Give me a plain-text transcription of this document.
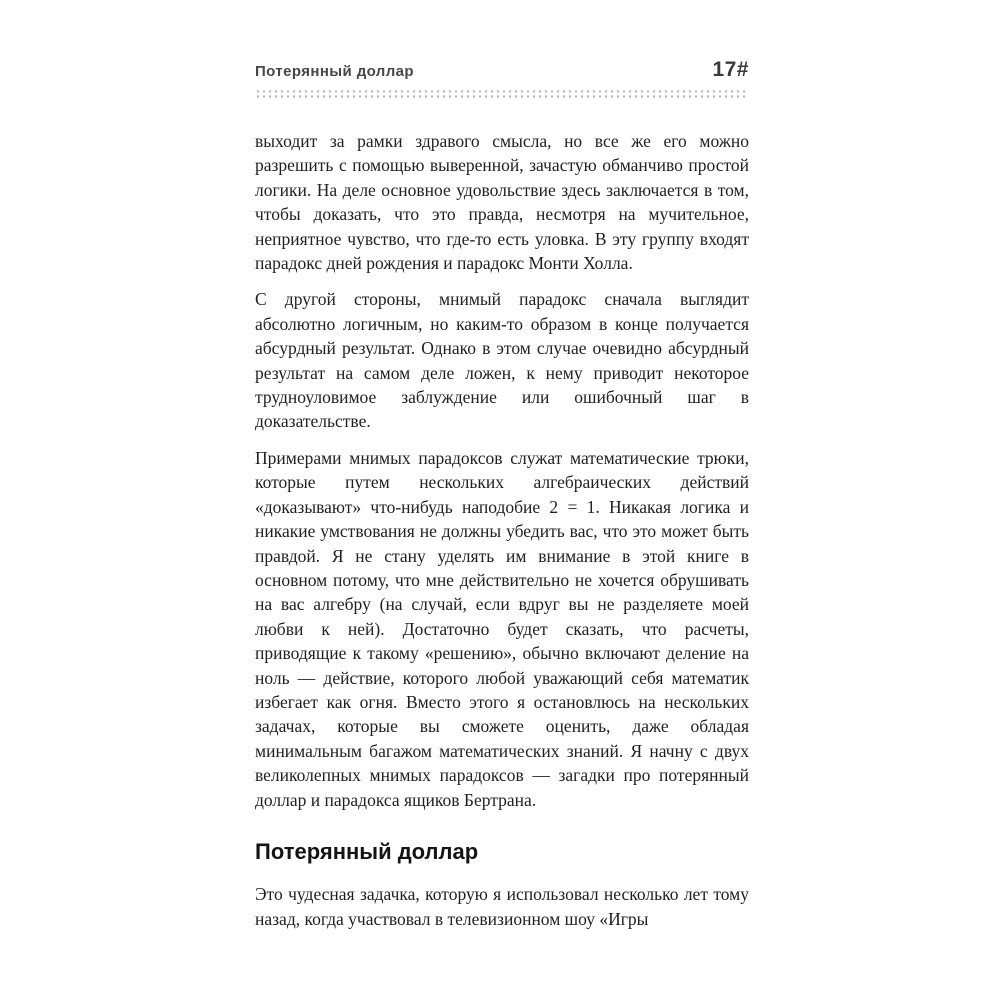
Потерянный доллар	17#

выходит за рамки здравого смысла, но все же его можно разрешить с помощью выверенной, зачастую обманчиво простой логики. На деле основное удовольствие здесь заключается в том, чтобы доказать, что это правда, несмотря на мучительное, неприятное чувство, что где-то есть уловка. В эту группу входят парадокс дней рождения и парадокс Монти Холла.

С другой стороны, мнимый парадокс сначала выглядит абсолютно логичным, но каким-то образом в конце получается абсурдный результат. Однако в этом случае очевидно абсурдный результат на самом деле ложен, к нему приводит некоторое трудноуловимое заблуждение или ошибочный шаг в доказательстве.

Примерами мнимых парадоксов служат математические трюки, которые путем нескольких алгебраических действий «доказывают» что-нибудь наподобие 2 = 1. Никакая логика и никакие умствования не должны убедить вас, что это может быть правдой. Я не стану уделять им внимание в этой книге в основном потому, что мне действительно не хочется обрушивать на вас алгебру (на случай, если вдруг вы не разделяете моей любви к ней). Достаточно будет сказать, что расчеты, приводящие к такому «решению», обычно включают деление на ноль — действие, которого любой уважающий себя математик избегает как огня. Вместо этого я остановлюсь на нескольких задачах, которые вы сможете оценить, даже обладая минимальным багажом математических знаний. Я начну с двух великолепных мнимых парадоксов — загадки про потерянный доллар и парадокса ящиков Бертрана.

Потерянный доллар

Это чудесная задачка, которую я использовал несколько лет тому назад, когда участвовал в телевизионном шоу «Игры
